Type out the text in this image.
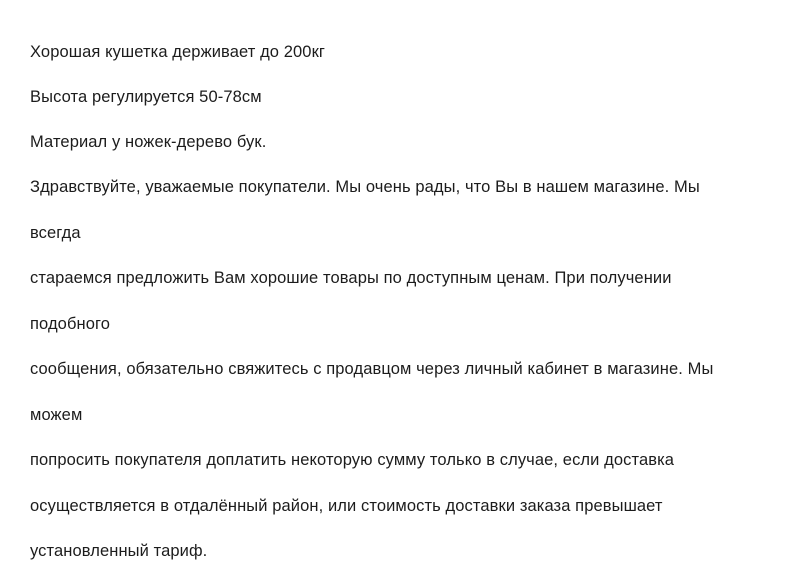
Хорошая кушетка держивает до 200кг
Высота регулируется 50-78см
Материал у ножек-дерево бук.
Здравствуйте, уважаемые покупатели. Мы очень рады, что Вы в нашем магазине. Мы всегда
стараемся предложить Вам хорошие товары по доступным ценам. При получении подобного
сообщения, обязательно свяжитесь с продавцом через личный кабинет в магазине. Мы можем
попросить покупателя доплатить некоторую сумму только в случае, если доставка
осуществляется в отдалённый район, или стоимость доставки заказа превышает
установленный тариф.
